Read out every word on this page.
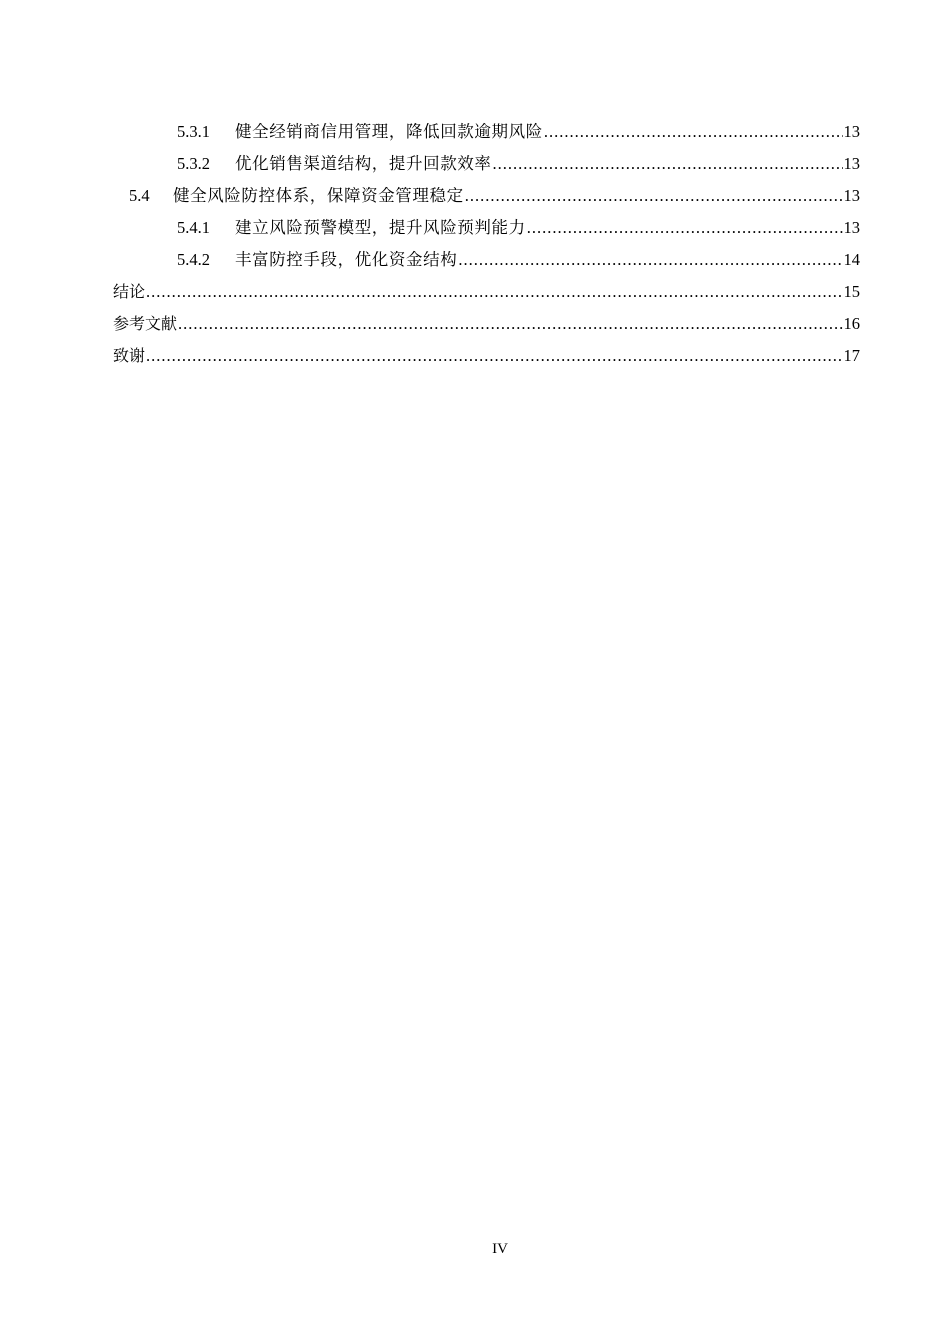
5.3.1	健全经销商信用管理，降低回款逾期风险 .....	13
5.3.2	优化销售渠道结构，提升回款效率 .....	13
5.4	健全风险防控体系，保障资金管理稳定 .....	13
5.4.1	建立风险预警模型，提升风险预判能力 .....	13
5.4.2	丰富防控手段，优化资金结构 .....	14
结论 .....	15
参考文献 .....	16
致谢 .....	17
IV
